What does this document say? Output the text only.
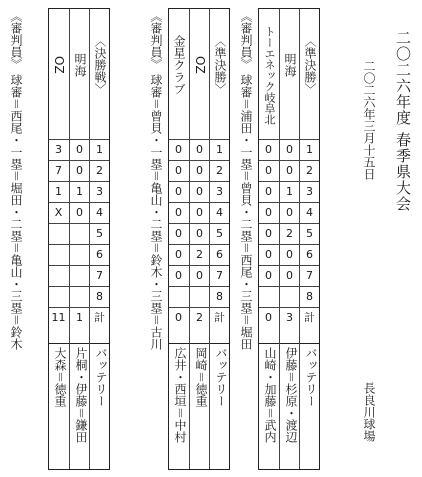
二〇二六年度 春季県大会
二〇二六年三月十五日
長良川球場
〈準決勝〉
1
2
3
4
5
6
7
8
計
明海
0
0
1
0
2
0
0
3
トーエネック岐阜北
0
0
0
0
0
0
0
0
バッテリー
伊藤＝杉原・渡辺
山崎・加藤＝武内
《審判員》 球審＝浦田・一塁＝曾貝・二塁＝西尾・三塁＝堀田
〈準決勝〉
1
2
3
4
5
6
7
8
計
OZ
0
0
0
0
0
2
0
2
金星クラブ
0
0
0
0
0
0
0
0
バッテリー
岡崎＝徳重
広井・西垣＝中村
《審判員》 球審＝曾貝・一塁＝亀山・二塁＝鈴木・三塁＝古川
〈決勝戦〉
1
2
3
4
5
6
7
8
計
明海
0
0
1
0
1
OZ
3
7
1
X
11
バッテリー
片桐・伊藤＝鎌田
大森＝徳重
《審判員》 球審＝西尾・一塁＝堀田・二塁＝亀山・三塁＝鈴木
